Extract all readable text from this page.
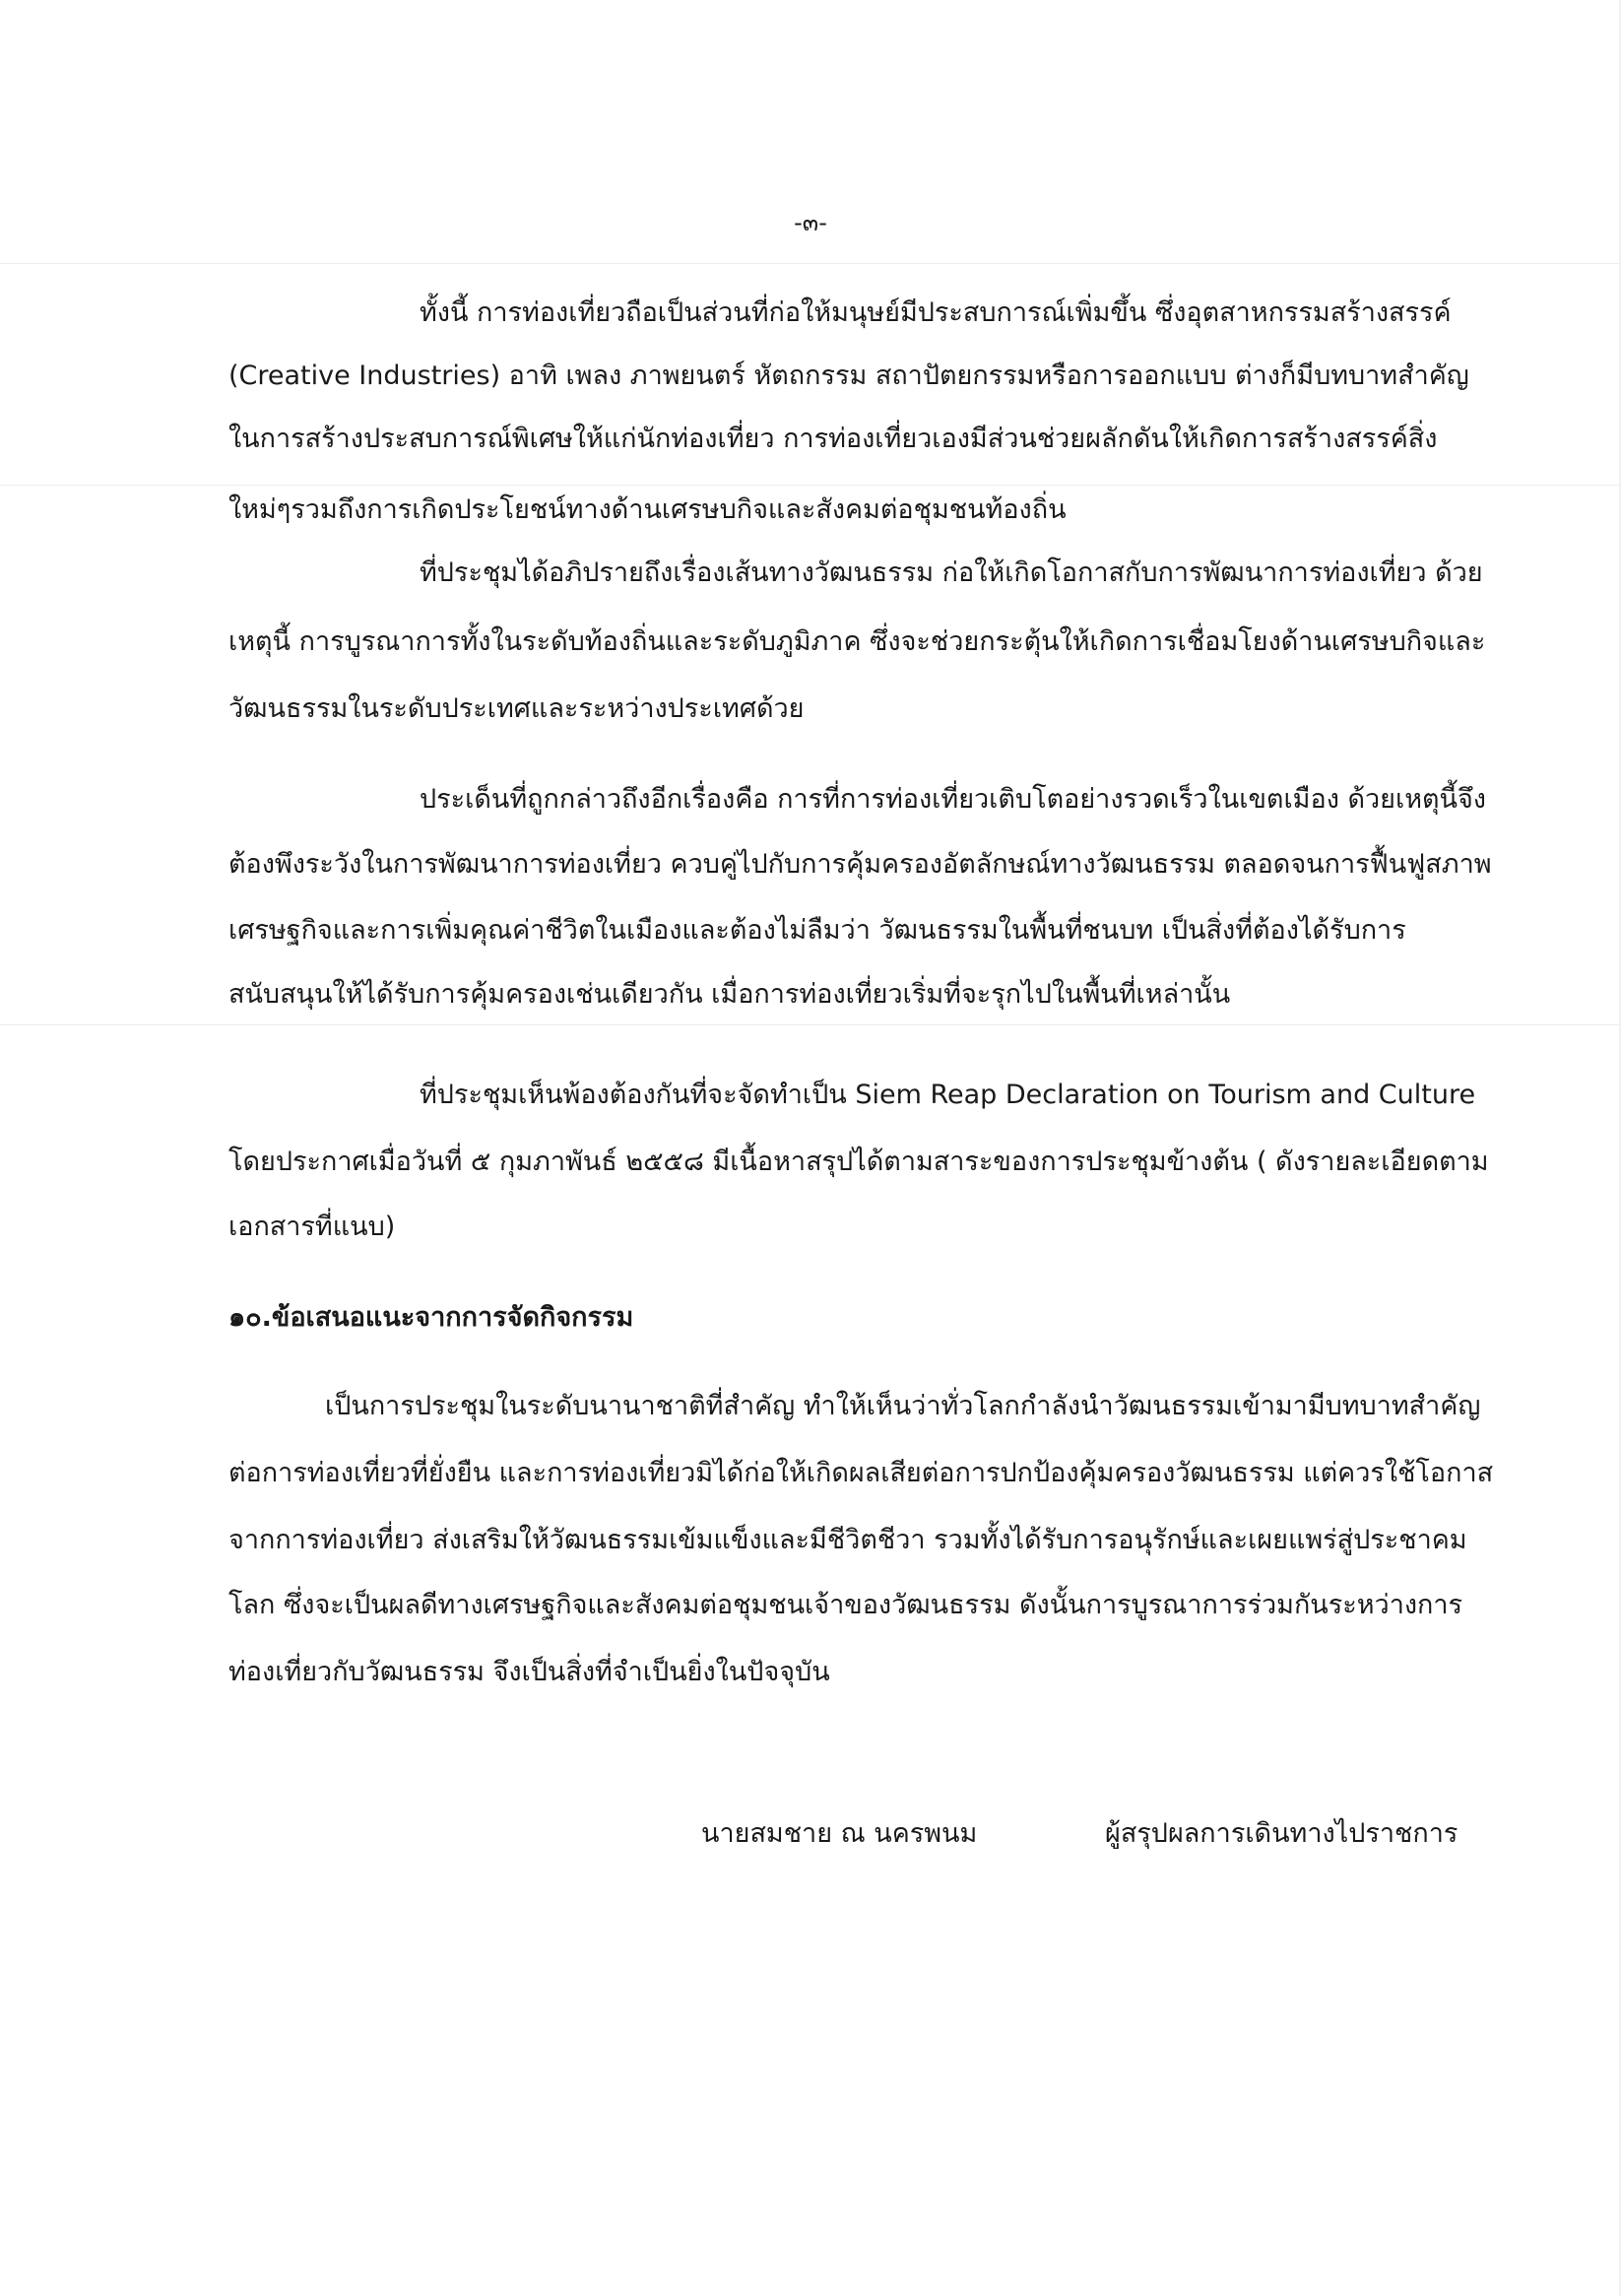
-๓-

ทั้งนี้ การท่องเที่ยวถือเป็นส่วนที่ก่อให้มนุษย์มีประสบการณ์เพิ่มขึ้น ซึ่งอุตสาหกรรมสร้างสรรค์

(Creative Industries) อาทิ เพลง ภาพยนตร์ หัตถกรรม สถาปัตยกรรมหรือการออกแบบ ต่างก็มีบทบาทสำคัญ

ในการสร้างประสบการณ์พิเศษให้แก่นักท่องเที่ยว การท่องเที่ยวเองมีส่วนช่วยผลักดันให้เกิดการสร้างสรรค์สิ่ง

ใหม่ๆรวมถึงการเกิดประโยชน์ทางด้านเศรษบกิจและสังคมต่อชุมชนท้องถิ่น

ที่ประชุมได้อภิปรายถึงเรื่องเส้นทางวัฒนธรรม ก่อให้เกิดโอกาสกับการพัฒนาการท่องเที่ยว ด้วย

เหตุนี้ การบูรณาการทั้งในระดับท้องถิ่นและระดับภูมิภาค ซึ่งจะช่วยกระตุ้นให้เกิดการเชื่อมโยงด้านเศรษบกิจและ

วัฒนธรรมในระดับประเทศและระหว่างประเทศด้วย

ประเด็นที่ถูกกล่าวถึงอีกเรื่องคือ การที่การท่องเที่ยวเติบโตอย่างรวดเร็วในเขตเมือง ด้วยเหตุนี้จึง

ต้องพึงระวังในการพัฒนาการท่องเที่ยว ควบคู่ไปกับการคุ้มครองอัตลักษณ์ทางวัฒนธรรม ตลอดจนการฟื้นฟูสภาพ

เศรษฐกิจและการเพิ่มคุณค่าชีวิตในเมืองและต้องไม่ลืมว่า วัฒนธรรมในพื้นที่ชนบท เป็นสิ่งที่ต้องได้รับการ

สนับสนุนให้ได้รับการคุ้มครองเช่นเดียวกัน เมื่อการท่องเที่ยวเริ่มที่จะรุกไปในพื้นที่เหล่านั้น

ที่ประชุมเห็นพ้องต้องกันที่จะจัดทำเป็น Siem Reap Declaration on Tourism and Culture

โดยประกาศเมื่อวันที่ ๕ กุมภาพันธ์ ๒๕๕๘ มีเนื้อหาสรุปได้ตามสาระของการประชุมข้างต้น ( ดังรายละเอียดตาม

เอกสารที่แนบ)

๑๐.ข้อเสนอแนะจากการจัดกิจกรรม

เป็นการประชุมในระดับนานาชาติที่สำคัญ ทำให้เห็นว่าทั่วโลกกำลังนำวัฒนธรรมเข้ามามีบทบาทสำคัญ

ต่อการท่องเที่ยวที่ยั่งยืน และการท่องเที่ยวมิได้ก่อให้เกิดผลเสียต่อการปกป้องคุ้มครองวัฒนธรรม แต่ควรใช้โอกาส

จากการท่องเที่ยว ส่งเสริมให้วัฒนธรรมเข้มแข็งและมีชีวิตชีวา รวมทั้งได้รับการอนุรักษ์และเผยแพร่สู่ประชาคม

โลก ซึ่งจะเป็นผลดีทางเศรษฐกิจและสังคมต่อชุมชนเจ้าของวัฒนธรรม ดังนั้นการบูรณาการร่วมกันระหว่างการ

ท่องเที่ยวกับวัฒนธรรม จึงเป็นสิ่งที่จำเป็นยิ่งในปัจจุบัน

นายสมชาย ณ นครพนม	ผู้สรุปผลการเดินทางไปราชการ
